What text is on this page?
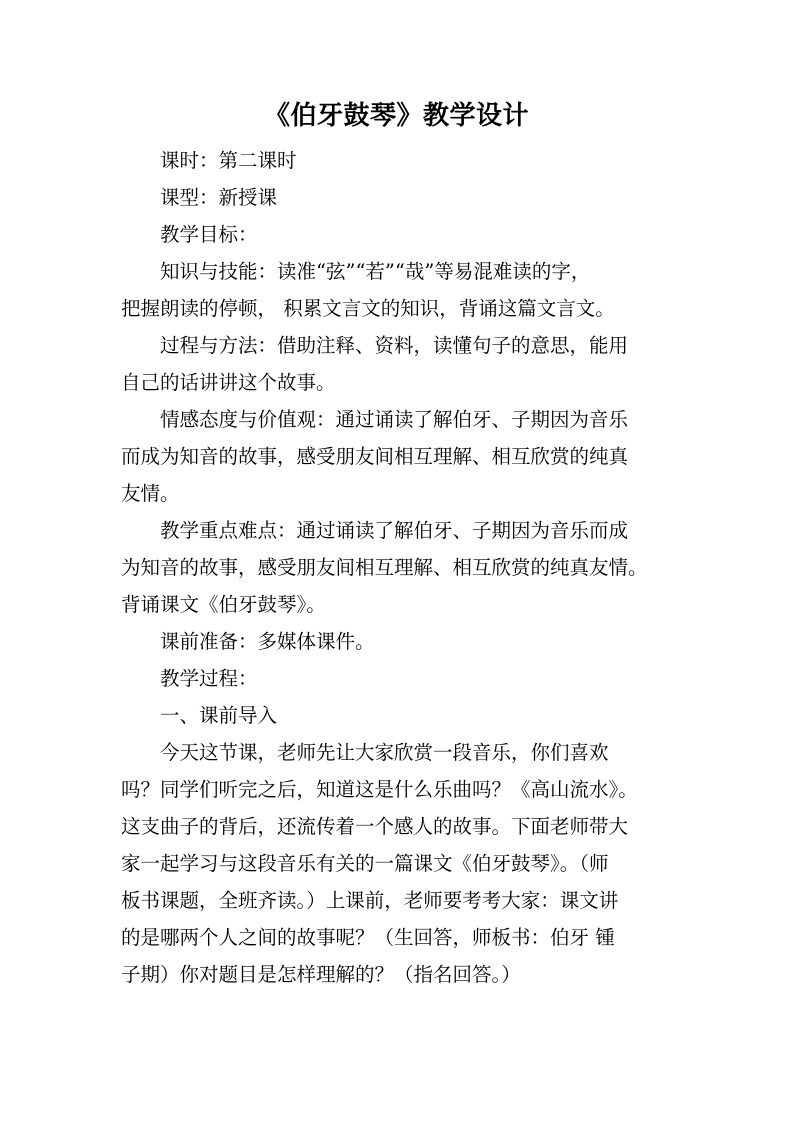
《伯牙鼓琴》教学设计
课时：第二课时
课型：新授课
教学目标：
知识与技能：读准“弦”“若”“哉”等易混难读的字，
把握朗读的停顿， 积累文言文的知识，背诵这篇文言文。
过程与方法：借助注释、资料，读懂句子的意思，能用
自己的话讲讲这个故事。
情感态度与价值观：通过诵读了解伯牙、子期因为音乐
而成为知音的故事，感受朋友间相互理解、相互欣赏的纯真
友情。
教学重点难点：通过诵读了解伯牙、子期因为音乐而成
为知音的故事，感受朋友间相互理解、相互欣赏的纯真友情。
背诵课文《伯牙鼓琴》。
课前准备：多媒体课件。
教学过程：
一、课前导入
今天这节课，老师先让大家欣赏一段音乐，你们喜欢
吗？同学们听完之后，知道这是什么乐曲吗？《高山流水》。
这支曲子的背后，还流传着一个感人的故事。下面老师带大
家一起学习与这段音乐有关的一篇课文《伯牙鼓琴》。（师
板书课题，全班齐读。）上课前，老师要考考大家：课文讲
的是哪两个人之间的故事呢？（生回答，师板书：伯牙 锺
子期）你对题目是怎样理解的？（指名回答。）
